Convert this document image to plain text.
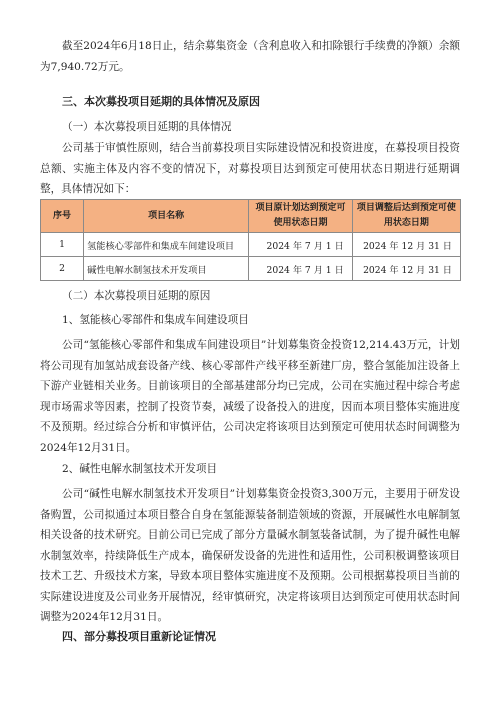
截至2024年6月18日止，结余募集资金（含利息收入和扣除银行手续费的净额）余额为7,940.72万元。

三、本次募投项目延期的具体情况及原因

（一）本次募投项目延期的具体情况

公司基于审慎性原则，结合当前募投项目实际建设情况和投资进度，在募投项目投资总额、实施主体及内容不变的情况下，对募投项目达到预定可使用状态日期进行延期调整，具体情况如下：

序号	项目名称	项目原计划达到预定可使用状态日期	项目调整后达到预定可使用状态日期
1	氢能核心零部件和集成车间建设项目	2024 年 7 月 1 日	2024 年 12 月 31 日
2	碱性电解水制氢技术开发项目	2024 年 7 月 1 日	2024 年 12 月 31 日

（二）本次募投项目延期的原因

1、氢能核心零部件和集成车间建设项目

公司“氢能核心零部件和集成车间建设项目”计划募集资金投资12,214.43万元，计划将公司现有加氢站成套设备产线、核心零部件产线平移至新建厂房，整合氢能加注设备上下游产业链相关业务。目前该项目的全部基建部分均已完成，公司在实施过程中综合考虑现市场需求等因素，控制了投资节奏，减缓了设备投入的进度，因而本项目整体实施进度不及预期。经过综合分析和审慎评估，公司决定将该项目达到预定可使用状态时间调整为2024年12月31日。

2、碱性电解水制氢技术开发项目

公司“碱性电解水制氢技术开发项目”计划募集资金投资3,300万元，主要用于研发设备购置，公司拟通过本项目整合自身在氢能源装备制造领域的资源，开展碱性水电解制氢相关设备的技术研究。目前公司已完成了部分方量碱水制氢装备试制，为了提升碱性电解水制氢效率，持续降低生产成本，确保研发设备的先进性和适用性，公司积极调整该项目技术工艺、升级技术方案，导致本项目整体实施进度不及预期。公司根据募投项目当前的实际建设进度及公司业务开展情况，经审慎研究，决定将该项目达到预定可使用状态时间调整为2024年12月31日。

四、部分募投项目重新论证情况
